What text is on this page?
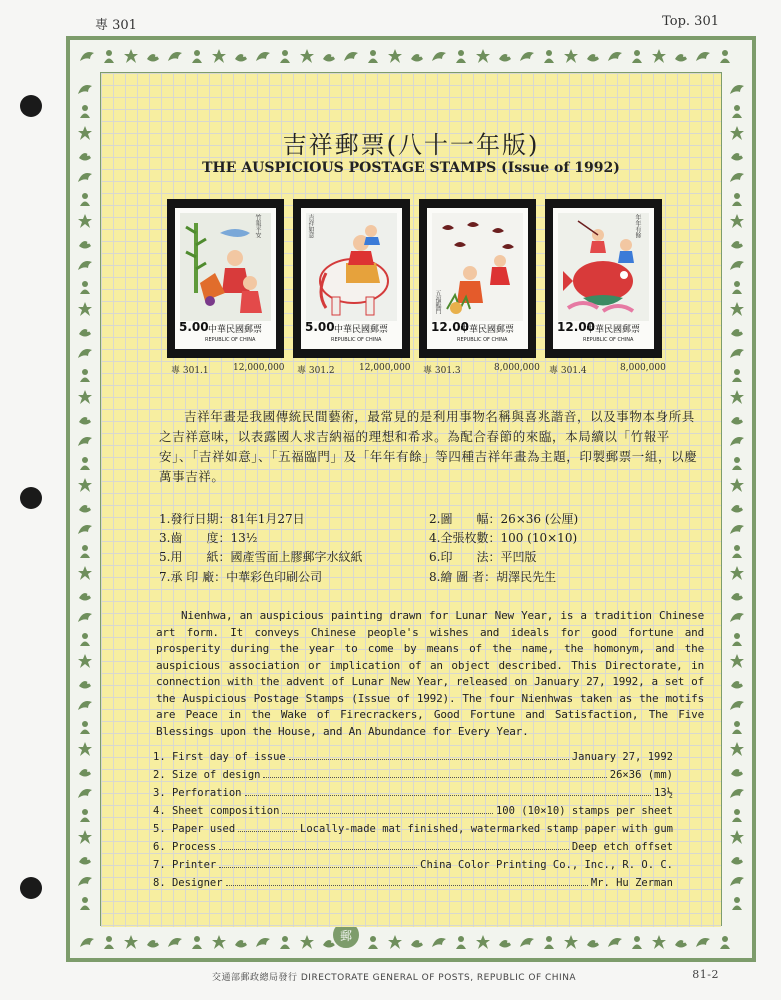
專 301	Top. 301
郵
吉祥郵票(八十一年版)
THE AUSPICIOUS POSTAGE STAMPS (Issue of 1992)
竹報平安
5.00 中華民國郵票
REPUBLIC OF CHINA
吉祥如意
5.00 中華民國郵票
REPUBLIC OF CHINA
五福臨門
12.00
中華民國郵票
REPUBLIC OF CHINA
年年有餘
12.00
中華民國郵票
REPUBLIC OF CHINA
專 301.1	12,000,000 專 301.2	12,000,000 專 301.3	8,000,000 專 301.4	8,000,000
吉祥年畫是我國傳統民間藝術，最常見的是利用事物名稱與喜兆諧音，以及事物本身所具之吉祥意味，以表露國人求吉納福的理想和希求。為配合春節的來臨，本局續以「竹報平安」、「吉祥如意」、「五福臨門」及「年年有餘」等四種吉祥年畫為主題，印製郵票一組，以慶萬事吉祥。
1.發行日期：81年1月27日	2.圖　　幅：26×36 (公厘)
3.齒　　度：13½	4.全張枚數：100 (10×10)
5.用　　紙：國產雪面上膠郵字水紋紙	6.印　　法：平凹版
7.承 印 廠：中華彩色印刷公司	8.繪 圖 者：胡澤民先生
Nienhwa, an auspicious painting drawn for Lunar New Year, is a tradition Chinese art form. It conveys Chinese people's wishes and ideals for good fortune and prosperity during the year to come by means of the name, the homonym, and the auspicious association or implication of an object described. This Directorate, in connection with the advent of Lunar New Year, released on January 27, 1992, a set of the Auspicious Postage Stamps (Issue of 1992). The four Nienhwas taken as the motifs are Peace in the Wake of Firecrackers, Good Fortune and Satisfaction, The Five Blessings upon the House, and An Abundance for Every Year.
1. First day of issue	January 27, 1992
2. Size of design	26×36 (mm)
3. Perforation	13½
4. Sheet composition	100 (10×10) stamps per sheet
5. Paper used	Locally-made mat finished, watermarked stamp paper with gum
6. Process	Deep etch offset
7. Printer	China Color Printing Co., Inc., R. O. C.
8. Designer	Mr. Hu Zerman
交通部郵政總局發行 DIRECTORATE GENERAL OF POSTS, REPUBLIC OF CHINA	81-2
